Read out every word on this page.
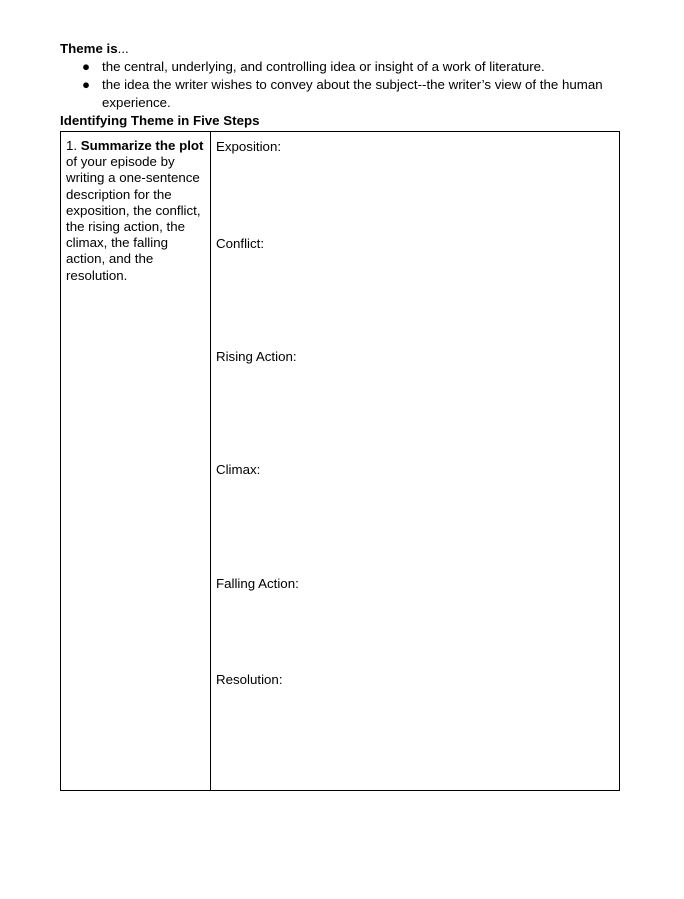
Theme is...
● the central, underlying, and controlling idea or insight of a work of literature.
● the idea the writer wishes to convey about the subject--the writer’s view of the human experience.
Identifying Theme in Five Steps
1. Summarize the plot of your episode by writing a one-sentence description for the exposition, the conflict, the rising action, the climax, the falling action, and the resolution.
Exposition:
Conflict:
Rising Action:
Climax:
Falling Action:
Resolution:
